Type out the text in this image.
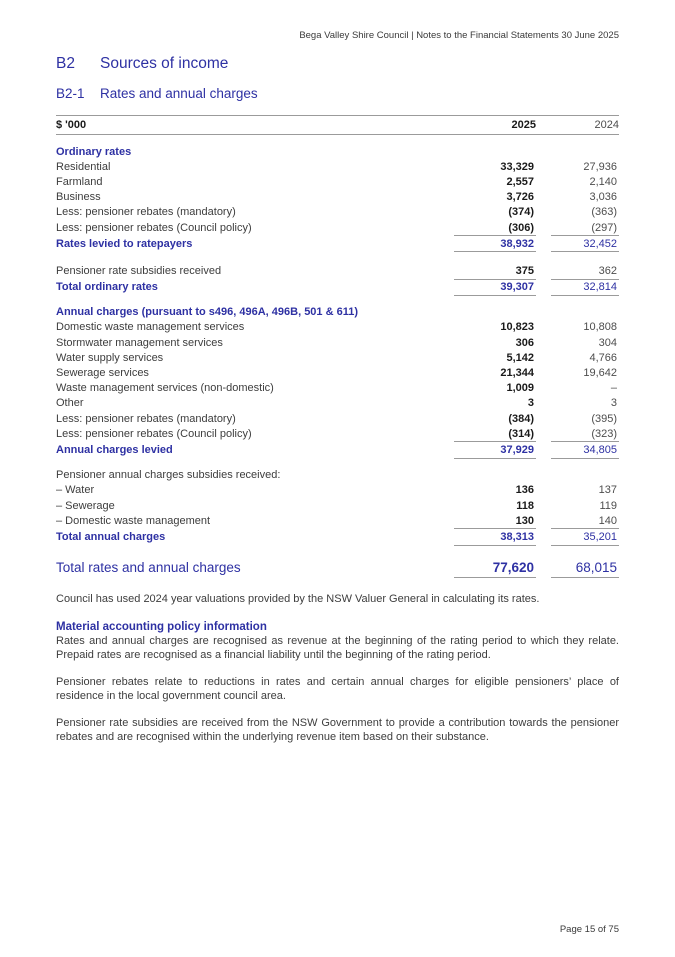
Bega Valley Shire Council | Notes to the Financial Statements 30 June 2025
B2	Sources of income
B2-1	Rates and annual charges
$ '000	2025	2024
Ordinary rates
Residential	33,329	27,936
Farmland	2,557	2,140
Business	3,726	3,036
Less: pensioner rebates (mandatory)	(374)	(363)
Less: pensioner rebates (Council policy)	(306)	(297)
Rates levied to ratepayers	38,932	32,452
Pensioner rate subsidies received	375	362
Total ordinary rates	39,307	32,814
Annual charges (pursuant to s496, 496A, 496B, 501 & 611)
Domestic waste management services	10,823	10,808
Stormwater management services	306	304
Water supply services	5,142	4,766
Sewerage services	21,344	19,642
Waste management services (non-domestic)	1,009	–
Other	3	3
Less: pensioner rebates (mandatory)	(384)	(395)
Less: pensioner rebates (Council policy)	(314)	(323)
Annual charges levied	37,929	34,805
Pensioner annual charges subsidies received:
– Water	136	137
– Sewerage	118	119
– Domestic waste management	130	140
Total annual charges	38,313	35,201
Total rates and annual charges	77,620	68,015

Council has used 2024 year valuations provided by the NSW Valuer General in calculating its rates.

Material accounting policy information

Rates and annual charges are recognised as revenue at the beginning of the rating period to which they relate. Prepaid rates are recognised as a financial liability until the beginning of the rating period.

Pensioner rebates relate to reductions in rates and certain annual charges for eligible pensioners’ place of residence in the local government council area.

Pensioner rate subsidies are received from the NSW Government to provide a contribution towards the pensioner rebates and are recognised within the underlying revenue item based on their substance.

Page 15 of 75
